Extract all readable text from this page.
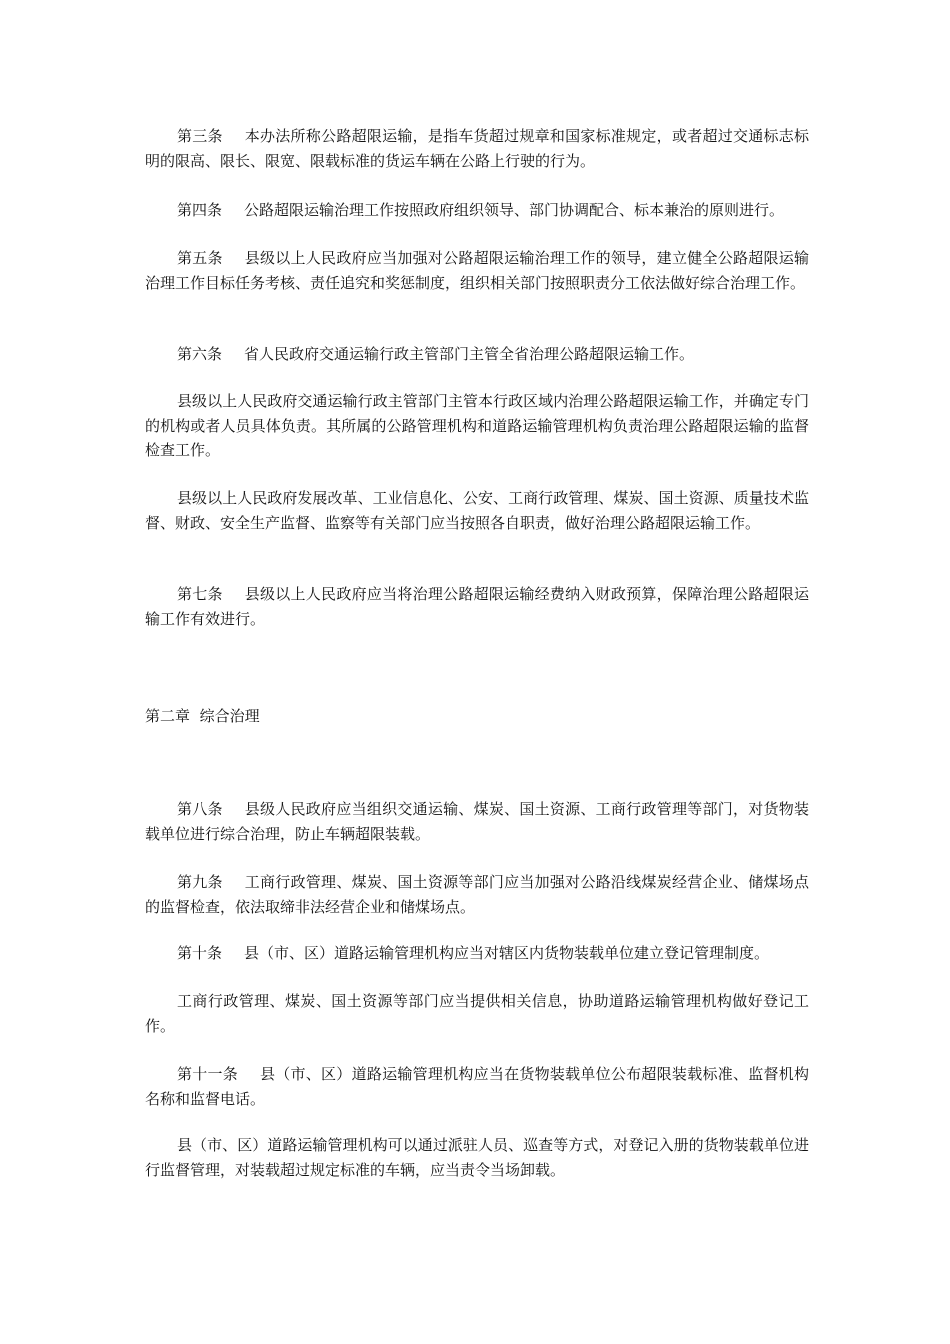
第三条 本办法所称公路超限运输，是指车货超过规章和国家标准规定，或者超过交通标志标明的限高、限长、限宽、限载标准的货运车辆在公路上行驶的行为。

第四条 公路超限运输治理工作按照政府组织领导、部门协调配合、标本兼治的原则进行。

第五条 县级以上人民政府应当加强对公路超限运输治理工作的领导，建立健全公路超限运输治理工作目标任务考核、责任追究和奖惩制度，组织相关部门按照职责分工依法做好综合治理工作。

第六条 省人民政府交通运输行政主管部门主管全省治理公路超限运输工作。

县级以上人民政府交通运输行政主管部门主管本行政区域内治理公路超限运输工作，并确定专门的机构或者人员具体负责。其所属的公路管理机构和道路运输管理机构负责治理公路超限运输的监督检查工作。

县级以上人民政府发展改革、工业信息化、公安、工商行政管理、煤炭、国土资源、质量技术监督、财政、安全生产监督、监察等有关部门应当按照各自职责，做好治理公路超限运输工作。

第七条 县级以上人民政府应当将治理公路超限运输经费纳入财政预算，保障治理公路超限运输工作有效进行。

第二章 综合治理

第八条 县级人民政府应当组织交通运输、煤炭、国土资源、工商行政管理等部门，对货物装载单位进行综合治理，防止车辆超限装载。

第九条 工商行政管理、煤炭、国土资源等部门应当加强对公路沿线煤炭经营企业、储煤场点的监督检查，依法取缔非法经营企业和储煤场点。

第十条 县（市、区）道路运输管理机构应当对辖区内货物装载单位建立登记管理制度。

工商行政管理、煤炭、国土资源等部门应当提供相关信息，协助道路运输管理机构做好登记工作。

第十一条 县（市、区）道路运输管理机构应当在货物装载单位公布超限装载标准、监督机构名称和监督电话。

县（市、区）道路运输管理机构可以通过派驻人员、巡查等方式，对登记入册的货物装载单位进行监督管理，对装载超过规定标准的车辆，应当责令当场卸载。
